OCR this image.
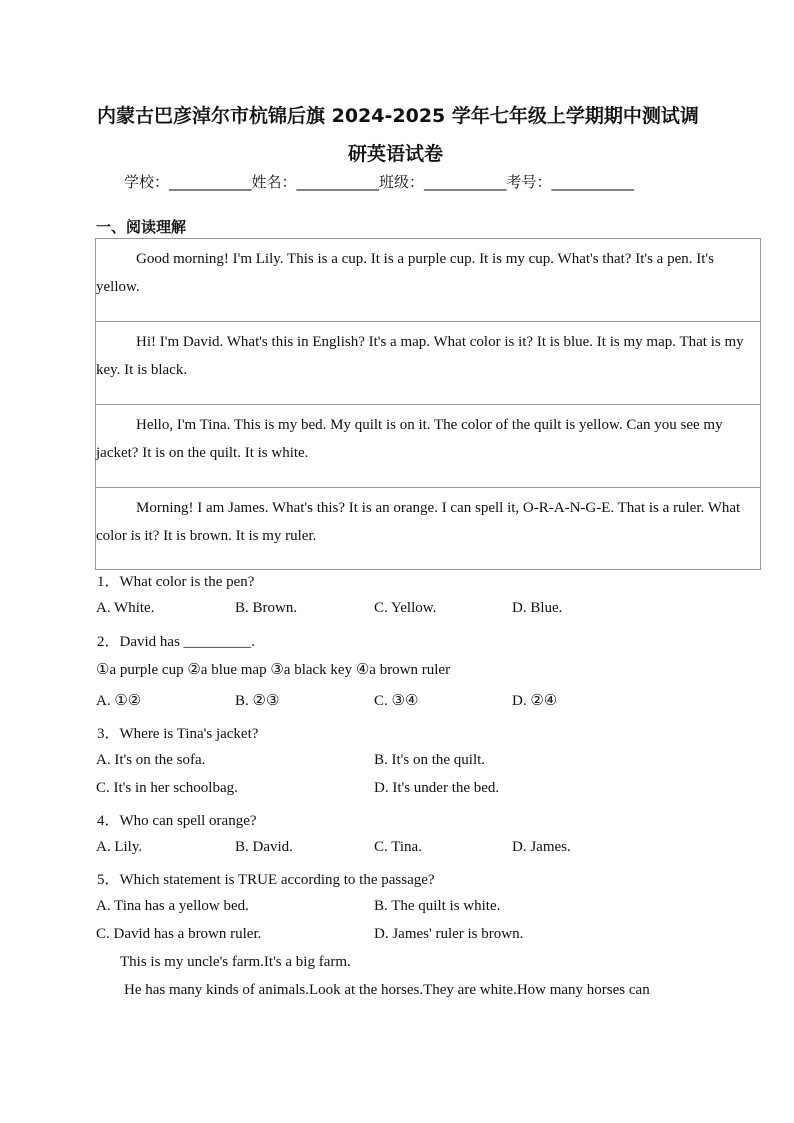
内蒙古巴彦淖尔市杭锦后旗 2024-2025 学年七年级上学期期中测试调
研英语试卷
学校：___________姓名：___________班级：___________考号：___________
一、阅读理解

Good morning! I'm Lily. This is a cup. It is a purple cup. It is my cup. What's that? It's a pen. It's yellow.

Hi! I'm David. What's this in English? It's a map. What color is it? It is blue. It is my map. That is my key. It is black.

Hello, I'm Tina. This is my bed. My quilt is on it. The color of the quilt is yellow. Can you see my jacket? It is on the quilt. It is white.

Morning! I am James. What's this? It is an orange. I can spell it, O-R-A-N-G-E. That is a ruler. What color is it? It is brown. It is my ruler.

1．What color is the pen?
A. White.	B. Brown.	C. Yellow.	D. Blue.
2．David has _________.
①a purple cup ②a blue map ③a black key ④a brown ruler
A. ①②	B. ②③	C. ③④	D. ②④
3．Where is Tina's jacket?
A. It's on the sofa.	B. It's on the quilt.
C. It's in her schoolbag.	D. It's under the bed.
4．Who can spell orange?
A. Lily.	B. David.	C. Tina.	D. James.
5．Which statement is TRUE according to the passage?
A. Tina has a yellow bed.	B. The quilt is white.
C. David has a brown ruler.	D. James' ruler is brown.
This is my uncle's farm.It's a big farm.
He has many kinds of animals.Look at the horses.They are white.How many horses can
